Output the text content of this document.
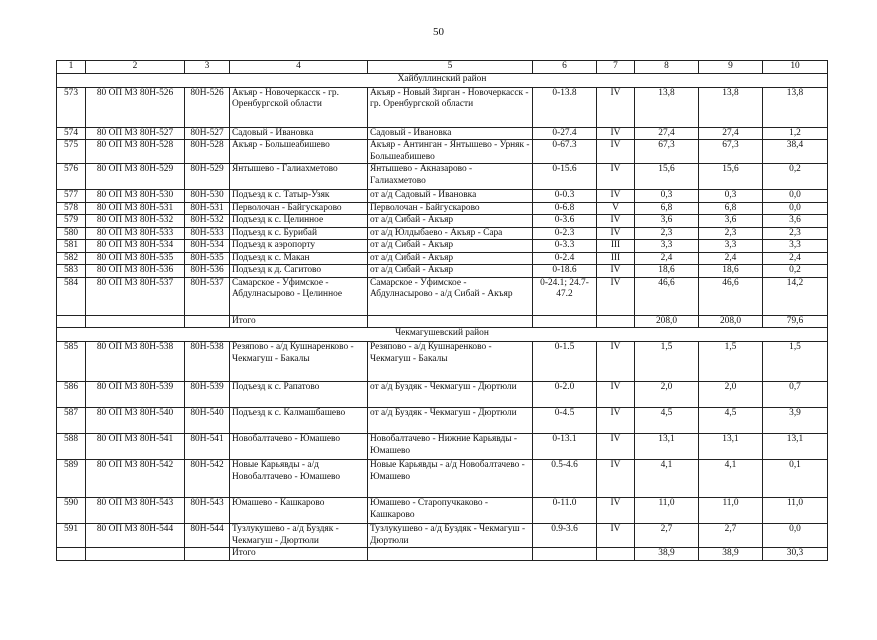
50
1	2	3	4	5	6	7	8	9	10
Хайбуллинский район									
573	80 ОП МЗ 80Н-526	80Н-526	Акъяр - Новочеркасск - гр. Оренбургской области	Акъяр - Новый Зирган - Новочеркасск - гр. Оренбургской области	0-13.8	IV	13,8	13,8	13,8
574	80 ОП МЗ 80Н-527	80Н-527	Садовый - Ивановка	Садовый - Ивановка	0-27.4	IV	27,4	27,4	1,2
575	80 ОП МЗ 80Н-528	80Н-528	Акъяр - Большеабишево	Акъяр - Антинган - Янтышево - Урняк - Большеабишево	0-67.3	IV	67,3	67,3	38,4
576	80 ОП МЗ 80Н-529	80Н-529	Янтышево - Галиахметово	Янтышево - Акназарово - Галиахметово	0-15.6	IV	15,6	15,6	0,2
577	80 ОП МЗ 80Н-530	80Н-530	Подъезд к с. Татыр-Узяк	от а/д Садовый - Ивановка	0-0.3	IV	0,3	0,3	0,0
578	80 ОП МЗ 80Н-531	80Н-531	Перволочан - Байгускарово	Перволочан - Байгускарово	0-6.8	V	6,8	6,8	0,0
579	80 ОП МЗ 80Н-532	80Н-532	Подъезд к с. Целинное	от а/д Сибай - Акъяр	0-3.6	IV	3,6	3,6	3,6
580	80 ОП МЗ 80Н-533	80Н-533	Подъезд к с. Бурибай	от а/д Юлдыбаево - Акъяр - Сара	0-2.3	IV	2,3	2,3	2,3
581	80 ОП МЗ 80Н-534	80Н-534	Подъезд к аэропорту	от а/д Сибай - Акъяр	0-3.3	III	3,3	3,3	3,3
582	80 ОП МЗ 80Н-535	80Н-535	Подъезд к с. Макан	от а/д Сибай - Акъяр	0-2.4	III	2,4	2,4	2,4
583	80 ОП МЗ 80Н-536	80Н-536	Подъезд к д. Сагитово	от а/д Сибай - Акъяр	0-18.6	IV	18,6	18,6	0,2
584	80 ОП МЗ 80Н-537	80Н-537	Самарское - Уфимское - Абдулнасырово - Целинное	Самарское - Уфимское - Абдулнасырово - а/д Сибай - Акъяр	0-24.1; 24.7-47.2	IV	46,6	46,6	14,2
			Итого				208,0	208,0	79,6
Чекмагушевский район									
585	80 ОП МЗ 80Н-538	80Н-538	Резяпово - а/д Кушнаренково - Чекмагуш - Бакалы	Резяпово - а/д Кушнаренково - Чекмагуш - Бакалы	0-1.5	IV	1,5	1,5	1,5
586	80 ОП МЗ 80Н-539	80Н-539	Подъезд к с. Рапатово	от а/д Буздяк - Чекмагуш - Дюртюли	0-2.0	IV	2,0	2,0	0,7
587	80 ОП МЗ 80Н-540	80Н-540	Подъезд к с. Калмашбашево	от а/д Буздяк - Чекмагуш - Дюртюли	0-4.5	IV	4,5	4,5	3,9
588	80 ОП МЗ 80Н-541	80Н-541	Новобалтачево - Юмашево	Новобалтачево - Нижние Карьявды - Юмашево	0-13.1	IV	13,1	13,1	13,1
589	80 ОП МЗ 80Н-542	80Н-542	Новые Карьявды - а/д Новобалтачево - Юмашево	Новые Карьявды - а/д Новобалтачево - Юмашево	0.5-4.6	IV	4,1	4,1	0,1
590	80 ОП МЗ 80Н-543	80Н-543	Юмашево - Кашкарово	Юмашево - Старопучкаково - Кашкарово	0-11.0	IV	11,0	11,0	11,0
591	80 ОП МЗ 80Н-544	80Н-544	Тузлукушево - а/д Буздяк - Чекмагуш - Дюртюли	Тузлукушево - а/д Буздяк - Чекмагуш - Дюртюли	0.9-3.6	IV	2,7	2,7	0,0
			Итого				38,9	38,9	30,3
